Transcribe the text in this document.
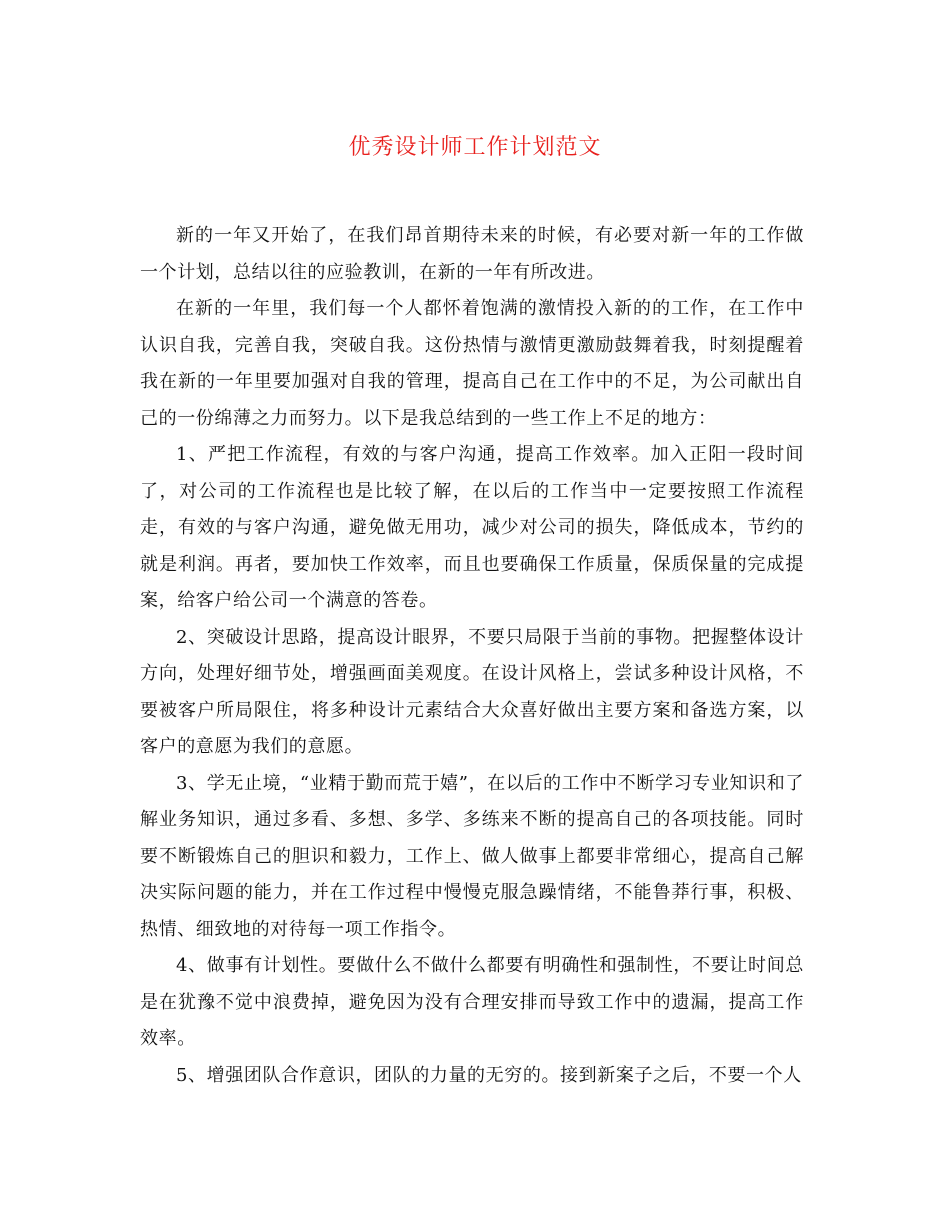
优秀设计师工作计划范文

新的一年又开始了，在我们昂首期待未来的时候，有必要对新一年的工作做一个计划，总结以往的应验教训，在新的一年有所改进。

在新的一年里，我们每一个人都怀着饱满的激情投入新的的工作，在工作中认识自我，完善自我，突破自我。这份热情与激情更激励鼓舞着我，时刻提醒着我在新的一年里要加强对自我的管理，提高自己在工作中的不足，为公司献出自己的一份绵薄之力而努力。以下是我总结到的一些工作上不足的地方：

1、严把工作流程，有效的与客户沟通，提高工作效率。加入正阳一段时间了，对公司的工作流程也是比较了解，在以后的工作当中一定要按照工作流程走，有效的与客户沟通，避免做无用功，减少对公司的损失，降低成本，节约的就是利润。再者，要加快工作效率，而且也要确保工作质量，保质保量的完成提案，给客户给公司一个满意的答卷。

2、突破设计思路，提高设计眼界，不要只局限于当前的事物。把握整体设计方向，处理好细节处，增强画面美观度。在设计风格上，尝试多种设计风格，不要被客户所局限住，将多种设计元素结合大众喜好做出主要方案和备选方案，以客户的意愿为我们的意愿。

3、学无止境，“业精于勤而荒于嬉”，在以后的工作中不断学习专业知识和了解业务知识，通过多看、多想、多学、多练来不断的提高自己的各项技能。同时要不断锻炼自己的胆识和毅力，工作上、做人做事上都要非常细心，提高自己解决实际问题的能力，并在工作过程中慢慢克服急躁情绪，不能鲁莽行事，积极、热情、细致地的对待每一项工作指令。

4、做事有计划性。要做什么不做什么都要有明确性和强制性，不要让时间总是在犹豫不觉中浪费掉，避免因为没有合理安排而导致工作中的遗漏，提高工作效率。

5、增强团队合作意识，团队的力量的无穷的。接到新案子之后，不要一个人
